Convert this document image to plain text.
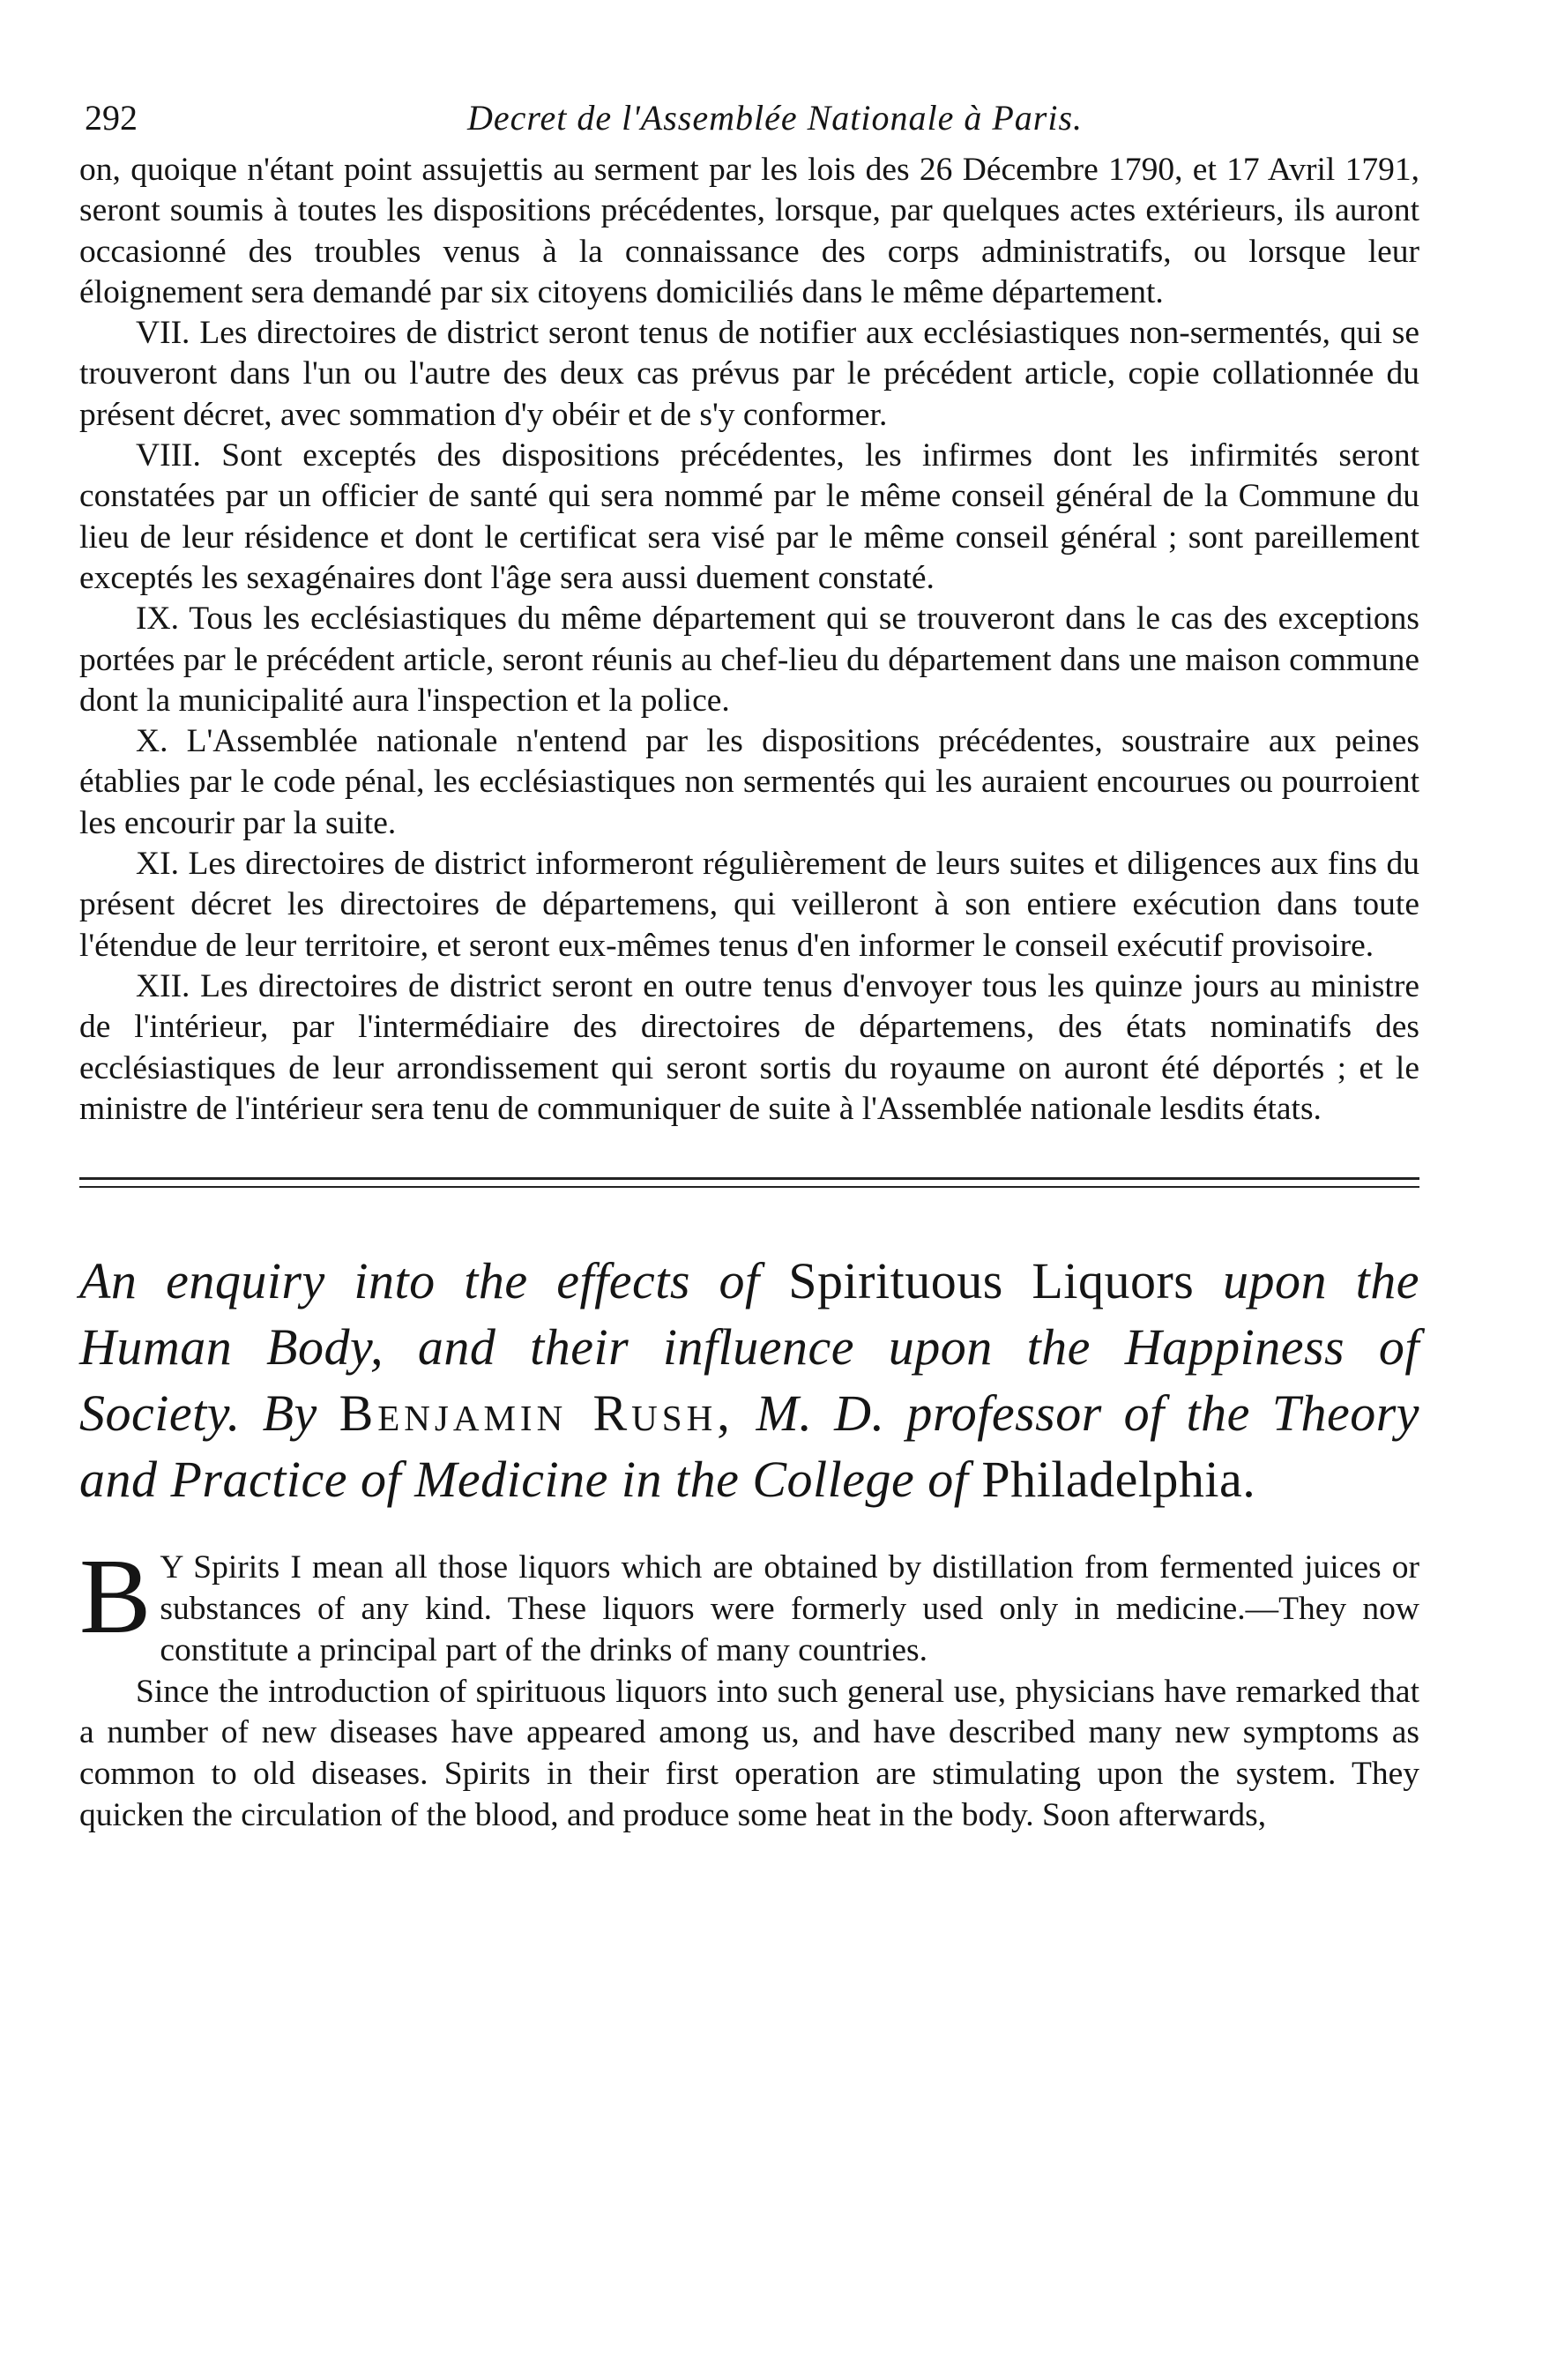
292	Decret de l'Assemblée Nationale à Paris.

on, quoique n'étant point assujettis au serment par les lois des 26 Décembre 1790, et 17 Avril 1791, seront soumis à toutes les dispositions précédentes, lorsque, par quelques actes extérieurs, ils auront occasionné des troubles venus à la connaissance des corps administratifs, ou lorsque leur éloignement sera demandé par six citoyens domiciliés dans le même département.

VII. Les directoires de district seront tenus de notifier aux ecclésiastiques non-sermentés, qui se trouveront dans l'un ou l'autre des deux cas prévus par le précédent article, copie collationnée du présent décret, avec sommation d'y obéir et de s'y conformer.

VIII. Sont exceptés des dispositions précédentes, les infirmes dont les infirmités seront constatées par un officier de santé qui sera nommé par le même conseil général de la Commune du lieu de leur résidence et dont le certificat sera visé par le même conseil général ; sont pareillement exceptés les sexagénaires dont l'âge sera aussi duement constaté.

IX. Tous les ecclésiastiques du même département qui se trouveront dans le cas des exceptions portées par le précédent article, seront réunis au chef-lieu du département dans une maison commune dont la municipalité aura l'inspection et la police.

X. L'Assemblée nationale n'entend par les dispositions précédentes, soustraire aux peines établies par le code pénal, les ecclésiastiques non sermentés qui les auraient encourues ou pourroient les encourir par la suite.

XI. Les directoires de district informeront régulièrement de leurs suites et diligences aux fins du présent décret les directoires de départemens, qui veilleront à son entiere exécution dans toute l'étendue de leur territoire, et seront eux-mêmes tenus d'en informer le conseil exécutif provisoire.

XII. Les directoires de district seront en outre tenus d'envoyer tous les quinze jours au ministre de l'intérieur, par l'intermédiaire des directoires de départemens, des états nominatifs des ecclésiastiques de leur arrondissement qui seront sortis du royaume on auront été déportés ; et le ministre de l'intérieur sera tenu de communiquer de suite à l'Assemblée nationale lesdits états.

An enquiry into the effects of Spirituous Liquors upon the Human Body, and their influence upon the Happiness of Society. By Benjamin Rush, M. D. professor of the Theory and Practice of Medicine in the College of Philadelphia.

B Y Spirits I mean all those liquors which are obtained by distillation from fermented juices or substances of any kind. These liquors were formerly used only in medicine.—They now constitute a principal part of the drinks of many countries.

Since the introduction of spirituous liquors into such general use, physicians have remarked that a number of new diseases have appeared among us, and have described many new symptoms as common to old diseases. Spirits in their first operation are stimulating upon the system. They quicken the circulation of the blood, and produce some heat in the body. Soon afterwards,
